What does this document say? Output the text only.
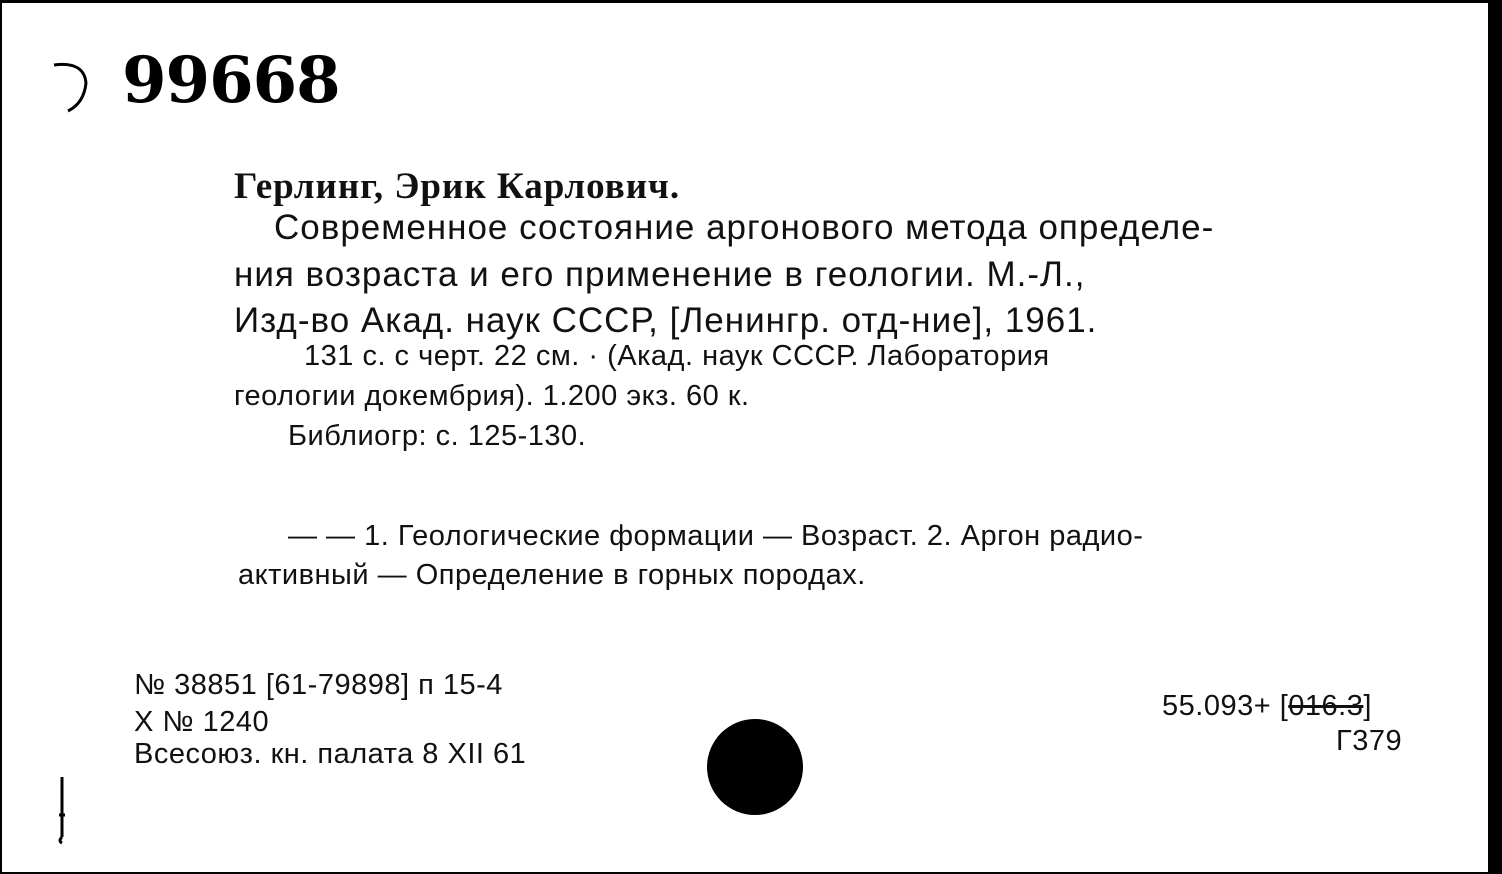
99668
Герлинг, Эрик Карлович.
Современное состояние аргонового метода определе-
ния возраста и его применение в геологии. М.-Л.,
Изд-во Акад. наук СССР, [Ленингр. отд-ние], 1961.
131 с. с черт. 22 см. · (Акад. наук СССР. Лаборатория
геологии докембрия). 1.200 экз. 60 к.
Библиогр: с. 125-130.
— — 1. Геологические формации — Возраст. 2. Аргон радио-
активный — Определение в горных породах.
№ 38851 [61-79898] п 15-4
X № 1240
Всесоюз. кн. палата 8 XII 61
55.093+ [016.3]
Г379
